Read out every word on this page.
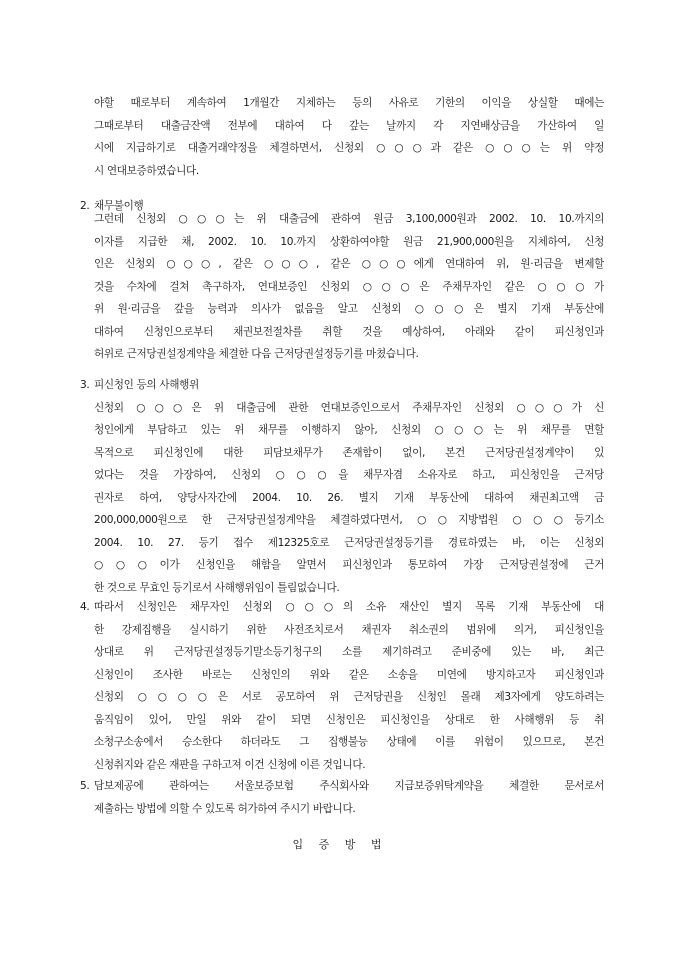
야할 때로부터 계속하여 1개월간 지체하는 등의 사유로 기한의 이익을 상실할 때에는
그때로부터 대출금잔액 전부에 대하여 다 갚는 날까지 각 지연배상금을 가산하여 일
시에 지급하기로 대출거래약정을 체결하면서, 신청외 ○○○과 같은 ○○○는 위 약정
시 연대보증하였습니다.
2. 채무불이행
그런데 신청외 ○○○는 위 대출금에 관하여 원금 3,100,000원과 2002. 10. 10.까지의
이자를 지급한 채, 2002. 10. 10.까지 상환하여야할 원금 21,900,000원을 지체하여, 신청
인은 신청외 ○○○, 같은 ○○○, 같은 ○○○에게 연대하여 위, 원·리금을 변제할
것을 수차에 걸쳐 촉구하자, 연대보증인 신청외 ○○○은 주채무자인 같은 ○○○가
위 원·리금을 갚을 능력과 의사가 없음을 알고 신청외 ○○○은 별지 기재 부동산에
대하여 신청인으로부터 채권보전절차를 취할 것을 예상하여, 아래와 같이 피신청인과
허위로 근저당권설정계약을 체결한 다음 근저당권설정등기를 마쳤습니다.
3. 피신청인 등의 사해행위
신청외 ○○○은 위 대출금에 관한 연대보증인으로서 주채무자인 신청외 ○○○가 신
청인에게 부담하고 있는 위 채무를 이행하지 않아, 신청외 ○○○는 위 채무를 면할
목적으로 피신청인에 대한 피담보채무가 존재함이 없이, 본건 근저당권설정계약이 있
었다는 것을 가장하여, 신청외 ○○○을 채무자겸 소유자로 하고, 피신청인을 근저당
권자로 하여, 양당사자간에 2004. 10. 26. 별지 기재 부동산에 대하여 채권최고액 금
200,000,000원으로 한 근저당권설정계약을 체결하였다면서, ○○지방법원 ○○○등기소
2004. 10. 27. 등기 접수 제12325호로 근저당권설정등기를 경료하였는 바, 이는 신청외
○○○이가 신청인을 해함을 알면서 피신청인과 통모하여 가장 근저당권설정에 근거
한 것으로 무효인 등기로서 사해행위임이 틀림없습니다.
4. 따라서 신청인은 채무자인 신청외 ○○○의 소유 재산인 별지 목록 기재 부동산에 대
한 강제집행을 실시하기 위한 사전조치로서 채권자 취소권의 범위에 의거, 피신청인을
상대로 위 근저당권설정등기말소등기청구의 소를 제기하려고 준비중에 있는 바, 최근
신청인이 조사한 바로는 신청인의 위와 같은 소송을 미연에 방지하고자 피신청인과
신청외 ○○○○은 서로 공모하여 위 근저당권을 신청인 몰래 제3자에게 양도하려는
움직임이 있어, 만일 위와 같이 되면 신청인은 피신청인을 상대로 한 사해행위 등 취
소청구소송에서 승소한다 하더라도 그 집행불능 상태에 이를 위험이 있으므로, 본건
신청취지와 같은 재판을 구하고져 이건 신청에 이른 것입니다.
5. 담보제공에 관하여는 서울보증보험 주식회사와 지급보증위탁계약을 체결한 문서로서
제출하는 방법에 의할 수 있도록 허가하여 주시기 바랍니다.
입 증 방 법
